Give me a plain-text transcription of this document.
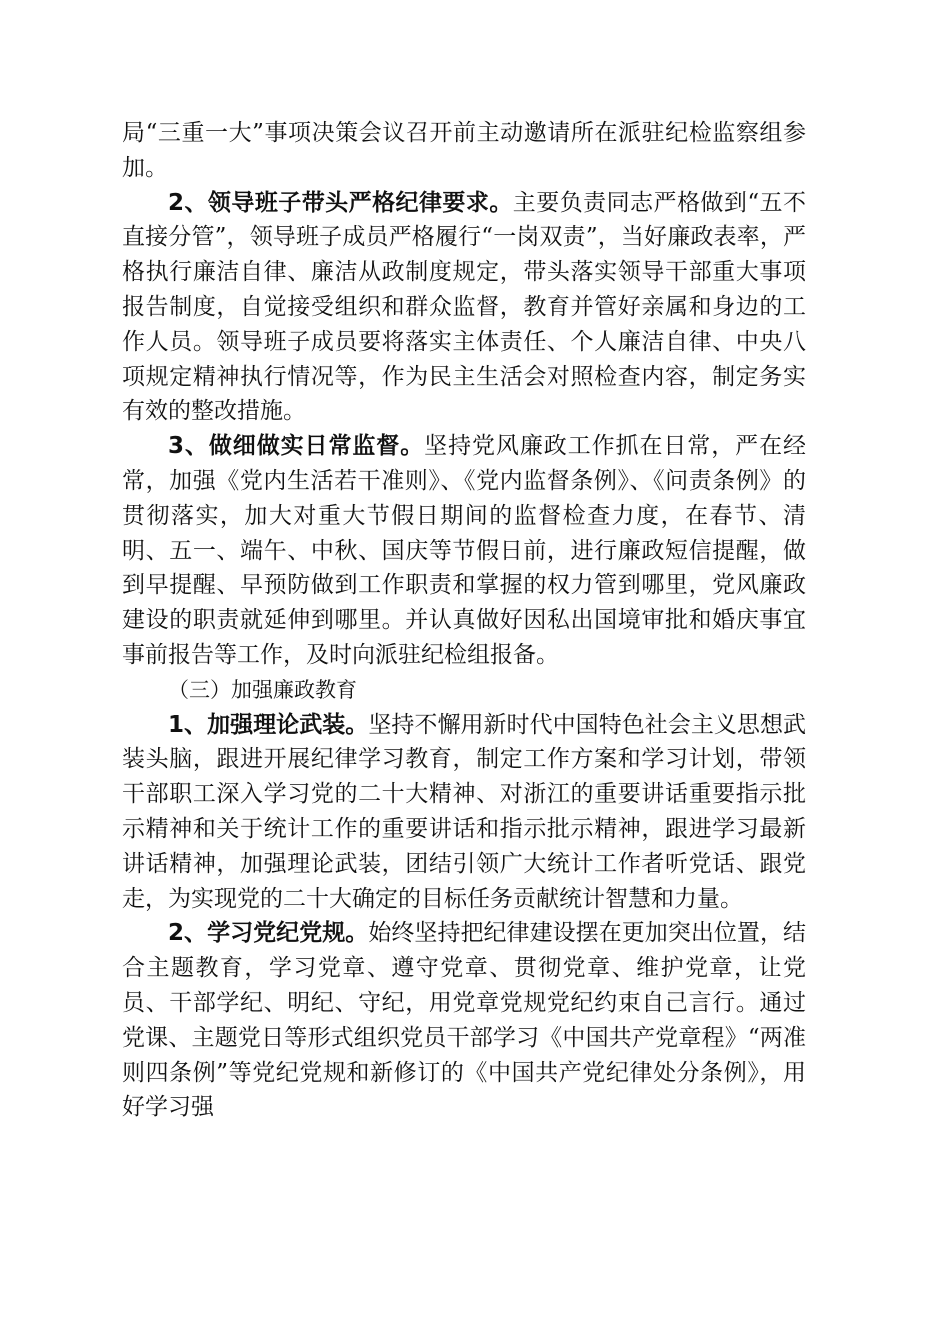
局“三重一大”事项决策会议召开前主动邀请所在派驻纪检监察组参加。

2、领导班子带头严格纪律要求。主要负责同志严格做到“五不直接分管”，领导班子成员严格履行“一岗双责”，当好廉政表率，严格执行廉洁自律、廉洁从政制度规定，带头落实领导干部重大事项报告制度，自觉接受组织和群众监督，教育并管好亲属和身边的工作人员。领导班子成员要将落实主体责任、个人廉洁自律、中央八项规定精神执行情况等，作为民主生活会对照检查内容，制定务实有效的整改措施。

3、做细做实日常监督。坚持党风廉政工作抓在日常，严在经常，加强《党内生活若干准则》、《党内监督条例》、《问责条例》的贯彻落实，加大对重大节假日期间的监督检查力度，在春节、清明、五一、端午、中秋、国庆等节假日前，进行廉政短信提醒，做到早提醒、早预防做到工作职责和掌握的权力管到哪里，党风廉政建设的职责就延伸到哪里。并认真做好因私出国境审批和婚庆事宜事前报告等工作，及时向派驻纪检组报备。

（三）加强廉政教育

1、加强理论武装。坚持不懈用新时代中国特色社会主义思想武装头脑，跟进开展纪律学习教育，制定工作方案和学习计划，带领干部职工深入学习党的二十大精神、对浙江的重要讲话重要指示批示精神和关于统计工作的重要讲话和指示批示精神，跟进学习最新讲话精神，加强理论武装，团结引领广大统计工作者听党话、跟党走，为实现党的二十大确定的目标任务贡献统计智慧和力量。

2、学习党纪党规。始终坚持把纪律建设摆在更加突出位置，结合主题教育，学习党章、遵守党章、贯彻党章、维护党章，让党员、干部学纪、明纪、守纪，用党章党规党纪约束自己言行。通过党课、主题党日等形式组织党员干部学习《中国共产党章程》“两准则四条例”等党纪党规和新修订的《中国共产党纪律处分条例》，用好学习强
